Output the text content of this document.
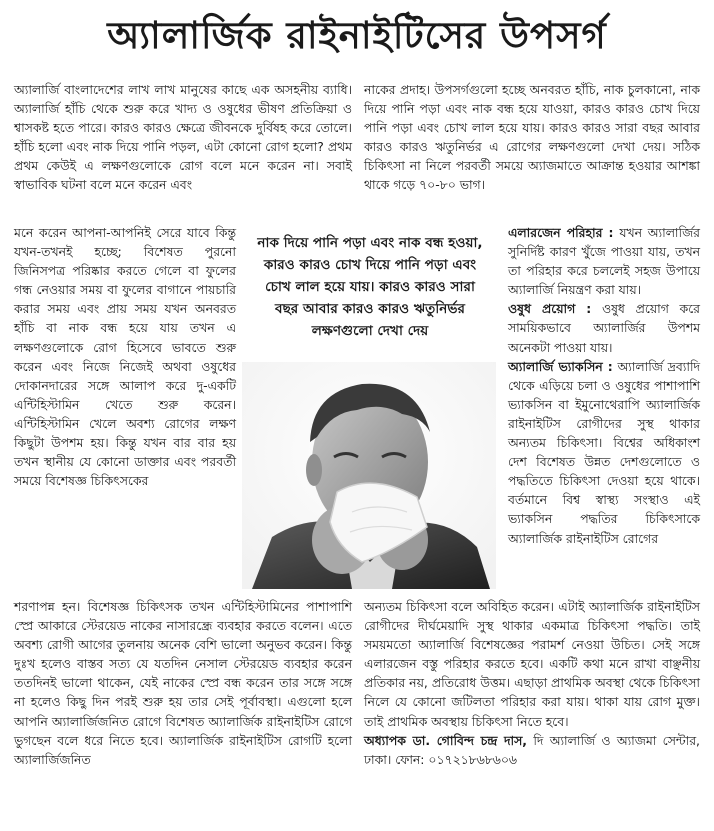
অ্যালার্জিক রাইনাইটিসের উপসর্গ

অ্যালার্জি বাংলাদেশের লাখ লাখ মানুষের কাছে এক অসহনীয় ব্যাধি। অ্যালার্জি হাঁচি থেকে শুরু করে খাদ্য ও ওষুধের ভীষণ প্রতিক্রিয়া ও শ্বাসকষ্ট হতে পারে। কারও কারও ক্ষেত্রে জীবনকে দুর্বিষহ করে তোলে। হাঁচি হলো এবং নাক দিয়ে পানি পড়ল, এটা কোনো রোগ হলো? প্রথম প্রথম কেউই এ লক্ষণগুলোকে রোগ বলে মনে করেন না। সবাই স্বাভাবিক ঘটনা বলে মনে করেন এবং

মনে করেন আপনা-আপনিই সেরে যাবে কিন্তু যখন-তখনই হচ্ছে; বিশেষত পুরনো জিনিসপত্র পরিষ্কার করতে গেলে বা ফুলের গন্ধ নেওয়ার সময় বা ফুলের বাগানে পায়চারি করার সময় এবং প্রায় সময় যখন অনবরত হাঁচি বা নাক বন্ধ হয়ে যায় তখন এ লক্ষণগুলোকে রোগ হিসেবে ভাবতে শুরু করেন এবং নিজে নিজেই অথবা ওষুধের দোকানদারের সঙ্গে আলাপ করে দু-একটি এন্টিহিস্টামিন খেতে শুরু করেন। এন্টিহিস্টামিন খেলে অবশ্য রোগের লক্ষণ কিছুটা উপশম হয়। কিন্তু যখন বার বার হয় তখন স্থানীয় যে কোনো ডাক্তার এবং পরবর্তী সময়ে বিশেষজ্ঞ চিকিৎসকের

শরণাপন্ন হন। বিশেষজ্ঞ চিকিৎসক তখন এন্টিহিস্টামিনের পাশাপাশি স্প্রে আকারে স্টেরয়েড নাকের নাসারন্ধ্রে ব্যবহার করতে বলেন। এতে অবশ্য রোগী আগের তুলনায় অনেক বেশি ভালো অনুভব করেন। কিন্তু দুঃখ হলেও বাস্তব সত্য যে যতদিন নেসাল স্টেরয়েড ব্যবহার করেন ততদিনই ভালো থাকেন, যেই নাকের স্প্রে বন্ধ করেন তার সঙ্গে সঙ্গে না হলেও কিছু দিন পরই শুরু হয় তার সেই পূর্বাবস্থা। এগুলো হলে আপনি অ্যালার্জিজনিত রোগে বিশেষত অ্যালার্জিক রাইনাইটিস রোগে ভুগছেন বলে ধরে নিতে হবে। অ্যালার্জিক রাইনাইটিস রোগটি হলো অ্যালার্জিজনিত

নাকের প্রদাহ। উপসর্গগুলো হচ্ছে অনবরত হাঁচি, নাক চুলকানো, নাক দিয়ে পানি পড়া এবং নাক বন্ধ হয়ে যাওয়া, কারও কারও চোখ দিয়ে পানি পড়া এবং চোখ লাল হয়ে যায়। কারও কারও সারা বছর আবার কারও কারও ঋতুনির্ভর এ রোগের লক্ষণগুলো দেখা দেয়। সঠিক চিকিৎসা না নিলে পরবর্তী সময়ে অ্যাজমাতে আক্রান্ত হওয়ার আশঙ্কা থাকে গড়ে ৭০-৮০ ভাগ।

এলারজেন পরিহার : যখন অ্যালার্জির সুনির্দিষ্ট কারণ খুঁজে পাওয়া যায়, তখন তা পরিহার করে চললেই সহজ উপায়ে অ্যালার্জি নিয়ন্ত্রণ করা যায়।

ওষুধ প্রয়োগ : ওষুধ প্রয়োগ করে সাময়িকভাবে অ্যালার্জির উপশম অনেকটা পাওয়া যায়।

অ্যালার্জি ভ্যাকসিন : অ্যালার্জি দ্রব্যাদি থেকে এড়িয়ে চলা ও ওষুধের পাশাপাশি ভ্যাকসিন বা ইমুনোথেরাপি অ্যালার্জিক রাইনাইটিস রোগীদের সুস্থ থাকার অন্যতম চিকিৎসা। বিশ্বের অধিকাংশ দেশ বিশেষত উন্নত দেশগুলোতে ও পদ্ধতিতে চিকিৎসা দেওয়া হয়ে থাকে। বর্তমানে বিশ্ব স্বাস্থ্য সংস্থাও এই ভ্যাকসিন পদ্ধতির চিকিৎসাকে অ্যালার্জিক রাইনাইটিস রোগের

অন্যতম চিকিৎসা বলে অবিহিত করেন। এটাই অ্যালার্জিক রাইনাইটিস রোগীদের দীর্ঘমেয়াদি সুস্থ থাকার একমাত্র চিকিৎসা পদ্ধতি। তাই সময়মতো অ্যালার্জি বিশেষজ্ঞের পরামর্শ নেওয়া উচিত। সেই সঙ্গে এলারজেন বস্তু পরিহার করতে হবে। একটি কথা মনে রাখা বাঞ্ছনীয় প্রতিকার নয়, প্রতিরোধ উত্তম। এছাড়া প্রাথমিক অবস্থা থেকে চিকিৎসা নিলে যে কোনো জটিলতা পরিহার করা যায়। থাকা যায় রোগ মুক্ত। তাই প্রাথমিক অবস্থায় চিকিৎসা নিতে হবে।

অধ্যাপক ডা. গোবিন্দ চন্দ্র দাস, দি অ্যালার্জি ও অ্যাজমা সেন্টার, ঢাকা। ফোন: ০১৭২১৮৬৮৬০৬

নাক দিয়ে পানি পড়া এবং নাক বন্ধ হওয়া, কারও কারও চোখ দিয়ে পানি পড়া এবং চোখ লাল হয়ে যায়। কারও কারও সারা বছর আবার কারও কারও ঋতুনির্ভর লক্ষণগুলো দেখা দেয়
